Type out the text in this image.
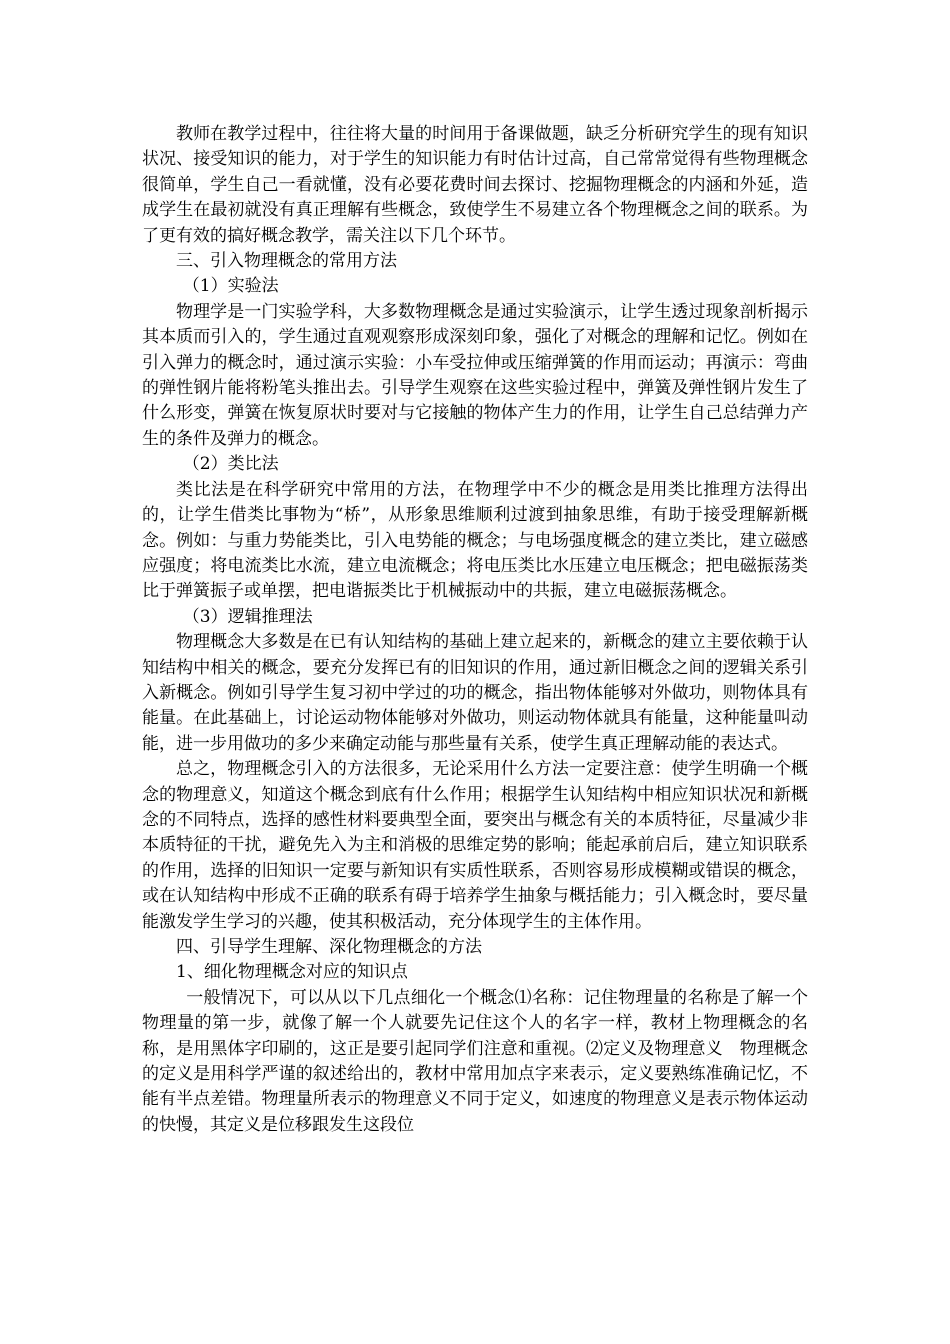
教师在教学过程中，往往将大量的时间用于备课做题，缺乏分析研究学生的现有知识状况、接受知识的能力，对于学生的知识能力有时估计过高，自己常常觉得有些物理概念很简单，学生自己一看就懂，没有必要花费时间去探讨、挖掘物理概念的内涵和外延，造成学生在最初就没有真正理解有些概念，致使学生不易建立各个物理概念之间的联系。为了更有效的搞好概念教学，需关注以下几个环节。

三、引入物理概念的常用方法

（1）实验法

物理学是一门实验学科，大多数物理概念是通过实验演示，让学生透过现象剖析揭示其本质而引入的，学生通过直观观察形成深刻印象，强化了对概念的理解和记忆。例如在引入弹力的概念时，通过演示实验：小车受拉伸或压缩弹簧的作用而运动；再演示：弯曲的弹性钢片能将粉笔头推出去。引导学生观察在这些实验过程中，弹簧及弹性钢片发生了什么形变，弹簧在恢复原状时要对与它接触的物体产生力的作用，让学生自己总结弹力产生的条件及弹力的概念。

（2）类比法

类比法是在科学研究中常用的方法，在物理学中不少的概念是用类比推理方法得出的，让学生借类比事物为“桥”，从形象思维顺利过渡到抽象思维，有助于接受理解新概念。例如：与重力势能类比，引入电势能的概念；与电场强度概念的建立类比，建立磁感应强度；将电流类比水流，建立电流概念；将电压类比水压建立电压概念；把电磁振荡类比于弹簧振子或单摆，把电谐振类比于机械振动中的共振，建立电磁振荡概念。

（3）逻辑推理法

物理概念大多数是在已有认知结构的基础上建立起来的，新概念的建立主要依赖于认知结构中相关的概念，要充分发挥已有的旧知识的作用，通过新旧概念之间的逻辑关系引入新概念。例如引导学生复习初中学过的功的概念，指出物体能够对外做功，则物体具有能量。在此基础上，讨论运动物体能够对外做功，则运动物体就具有能量，这种能量叫动能，进一步用做功的多少来确定动能与那些量有关系，使学生真正理解动能的表达式。

总之，物理概念引入的方法很多，无论采用什么方法一定要注意：使学生明确一个概念的物理意义，知道这个概念到底有什么作用；根据学生认知结构中相应知识状况和新概念的不同特点，选择的感性材料要典型全面，要突出与概念有关的本质特征，尽量减少非本质特征的干扰，避免先入为主和消极的思维定势的影响；能起承前启后，建立知识联系的作用，选择的旧知识一定要与新知识有实质性联系，否则容易形成模糊或错误的概念，或在认知结构中形成不正确的联系有碍于培养学生抽象与概括能力；引入概念时，要尽量能激发学生学习的兴趣，使其积极活动，充分体现学生的主体作用。

四、引导学生理解、深化物理概念的方法

1、细化物理概念对应的知识点

一般情况下，可以从以下几点细化一个概念⑴名称：记住物理量的名称是了解一个物理量的第一步，就像了解一个人就要先记住这个人的名字一样，教材上物理概念的名称，是用黑体字印刷的，这正是要引起同学们注意和重视。⑵定义及物理意义　物理概念的定义是用科学严谨的叙述给出的，教材中常用加点字来表示，定义要熟练准确记忆，不能有半点差错。物理量所表示的物理意义不同于定义，如速度的物理意义是表示物体运动的快慢，其定义是位移跟发生这段位
